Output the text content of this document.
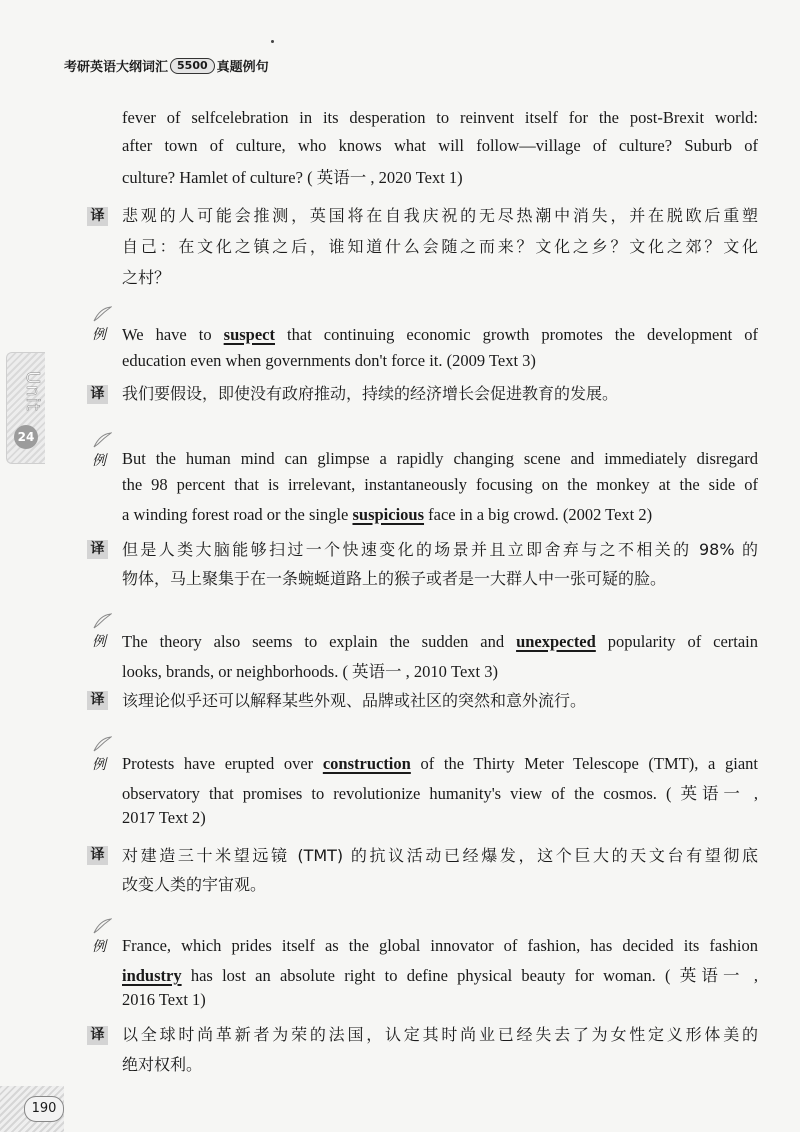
考研英语大纲词汇 5500 真题例句
Unit
24
fever of selfcelebration in its desperation to reinvent itself for the post-Brexit world:
after town of culture, who knows what will follow—village of culture? Suburb of
culture? Hamlet of culture? ( 英语一 , 2020 Text 1)
译 悲观的人可能会推测，英国将在自我庆祝的无尽热潮中消失，并在脱欧后重塑
自己：在文化之镇之后，谁知道什么会随之而来？文化之乡？文化之郊？文化
之村？
例 We have to suspect that continuing economic growth promotes the development of
education even when governments don't force it. (2009 Text 3)
译 我们要假设，即使没有政府推动，持续的经济增长会促进教育的发展。
例 But the human mind can glimpse a rapidly changing scene and immediately disregard
the 98 percent that is irrelevant, instantaneously focusing on the monkey at the side of
a winding forest road or the single suspicious face in a big crowd. (2002 Text 2)
译 但是人类大脑能够扫过一个快速变化的场景并且立即舍弃与之不相关的 98% 的
物体，马上聚集于在一条蜿蜒道路上的猴子或者是一大群人中一张可疑的脸。
例 The theory also seems to explain the sudden and unexpected popularity of certain
looks, brands, or neighborhoods. ( 英语一 , 2010 Text 3)
译 该理论似乎还可以解释某些外观、品牌或社区的突然和意外流行。
例 Protests have erupted over construction of the Thirty Meter Telescope (TMT), a giant
observatory that promises to revolutionize humanity's view of the cosmos. ( 英语一 ,
2017 Text 2)
译 对建造三十米望远镜 (TMT) 的抗议活动已经爆发，这个巨大的天文台有望彻底
改变人类的宇宙观。
例 France, which prides itself as the global innovator of fashion, has decided its fashion
industry has lost an absolute right to define physical beauty for woman. ( 英语一 ,
2016 Text 1)
译 以全球时尚革新者为荣的法国，认定其时尚业已经失去了为女性定义形体美的
绝对权利。
190
